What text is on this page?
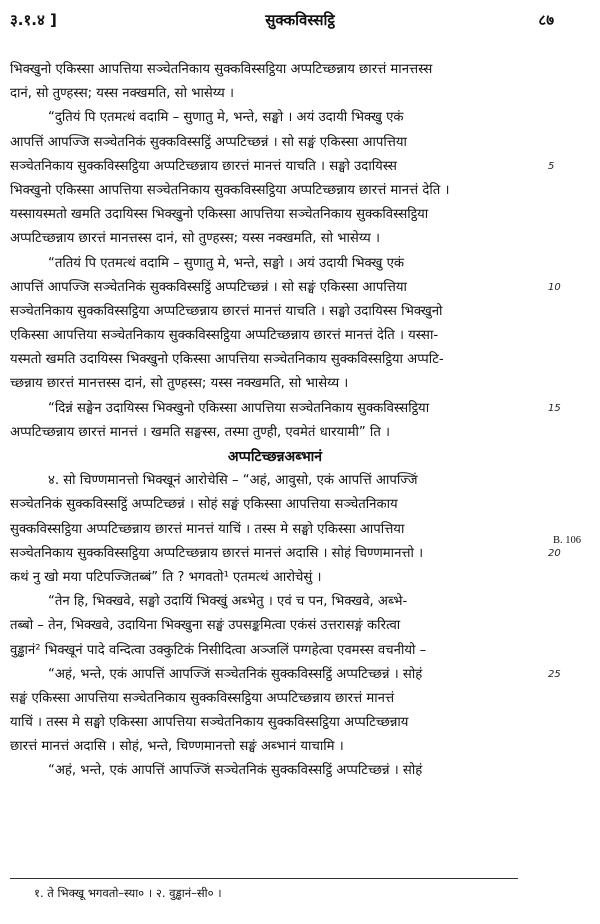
३.१.४ ]	सुक्कविस्सट्ठि	८७
भिक्खुनो एकिस्सा आपत्तिया सञ्चेतनिकाय सुक्कविस्सट्ठिया अप्पटिच्छन्नाय छारत्तं मानत्तस्स
दानं, सो तुण्हस्स; यस्स नक्खमति, सो भासेय्य ।
“दुतियं पि एतमत्थं वदामि – सुणातु मे, भन्ते, सङ्घो । अयं उदायी भिक्खु एकं
आपत्तिं आपज्जि सञ्चेतनिकं सुक्कविस्सट्ठिं अप्पटिच्छन्नं । सो सङ्घं एकिस्सा आपत्तिया
सञ्चेतनिकाय सुक्कविस्सट्ठिया अप्पटिच्छन्नाय छारत्तं मानत्तं याचति । सङ्घो उदायिस्स
भिक्खुनो एकिस्सा आपत्तिया सञ्चेतनिकाय सुक्कविस्सट्ठिया अप्पटिच्छन्नाय छारत्तं मानत्तं देति ।
यस्सायस्मतो खमति उदायिस्स भिक्खुनो एकिस्सा आपत्तिया सञ्चेतनिकाय सुक्कविस्सट्ठिया
अप्पटिच्छन्नाय छारत्तं मानत्तस्स दानं, सो तुण्हस्स; यस्स नक्खमति, सो भासेय्य ।
“ततियं पि एतमत्थं वदामि – सुणातु मे, भन्ते, सङ्घो । अयं उदायी भिक्खु एकं
आपत्तिं आपज्जि सञ्चेतनिकं सुक्कविस्सट्ठिं अप्पटिच्छन्नं । सो सङ्घं एकिस्सा आपत्तिया
सञ्चेतनिकाय सुक्कविस्सट्ठिया अप्पटिच्छन्नाय छारत्तं मानत्तं याचति । सङ्घो उदायिस्स भिक्खुनो
एकिस्सा आपत्तिया सञ्चेतनिकाय सुक्कविस्सट्ठिया अप्पटिच्छन्नाय छारत्तं मानत्तं देति । यस्सा-
यस्मतो खमति उदायिस्स भिक्खुनो एकिस्सा आपत्तिया सञ्चेतनिकाय सुक्कविस्सट्ठिया अप्पटि-
च्छन्नाय छारत्तं मानत्तस्स दानं, सो तुण्हस्स; यस्स नक्खमति, सो भासेय्य ।
“दिन्नं सङ्घेन उदायिस्स भिक्खुनो एकिस्सा आपत्तिया सञ्चेतनिकाय सुक्कविस्सट्ठिया
अप्पटिच्छन्नाय छारत्तं मानत्तं । खमति सङ्घस्स, तस्मा तुण्ही, एवमेतं धारयामी” ति ।
अप्पटिच्छन्नअब्भानं
४. सो चिण्णमानत्तो भिक्खूनं आरोचेसि – “अहं, आवुसो, एकं आपत्तिं आपज्जिं
सञ्चेतनिकं सुक्कविस्सट्ठिं अप्पटिच्छन्नं । सोहं सङ्घं एकिस्सा आपत्तिया सञ्चेतनिकाय
सुक्कविस्सट्ठिया अप्पटिच्छन्नाय छारत्तं मानत्तं याचिं । तस्स मे सङ्घो एकिस्सा आपत्तिया
सञ्चेतनिकाय सुक्कविस्सट्ठिया अप्पटिच्छन्नाय छारत्तं मानत्तं अदासि । सोहं चिण्णमानत्तो ।
कथं नु खो मया पटिपज्जितब्बं” ति ? भगवतो¹ एतमत्थं आरोचेसुं ।
“तेन हि, भिक्खवे, सङ्घो उदायिं भिक्खुं अब्भेतु । एवं च पन, भिक्खवे, अब्भे-
तब्बो – तेन, भिक्खवे, उदायिना भिक्खुना सङ्घं उपसङ्कमित्वा एकंसं उत्तरासङ्गं करित्वा
वुड्ढानं² भिक्खूनं पादे वन्दित्वा उक्कुटिकं निसीदित्वा अञ्जलिं पग्गहेत्वा एवमस्स वचनीयो –
“अहं, भन्ते, एकं आपत्तिं आपज्जिं सञ्चेतनिकं सुक्कविस्सट्ठिं अप्पटिच्छन्नं । सोहं
सङ्घं एकिस्सा आपत्तिया सञ्चेतनिकाय सुक्कविस्सट्ठिया अप्पटिच्छन्नाय छारत्तं मानत्तं
याचिं । तस्स मे सङ्घो एकिस्सा आपत्तिया सञ्चेतनिकाय सुक्कविस्सट्ठिया अप्पटिच्छन्नाय
छारत्तं मानत्तं अदासि । सोहं, भन्ते, चिण्णमानत्तो सङ्घं अब्भानं याचामि ।
“अहं, भन्ते, एकं आपत्तिं आपज्जिं सञ्चेतनिकं सुक्कविस्सट्ठिं अप्पटिच्छन्नं । सोहं
B. 106
१. ते भिक्खू भगवतो–स्या० । २. वुड्ढानं–सी० ।
5
10
15
20
25
